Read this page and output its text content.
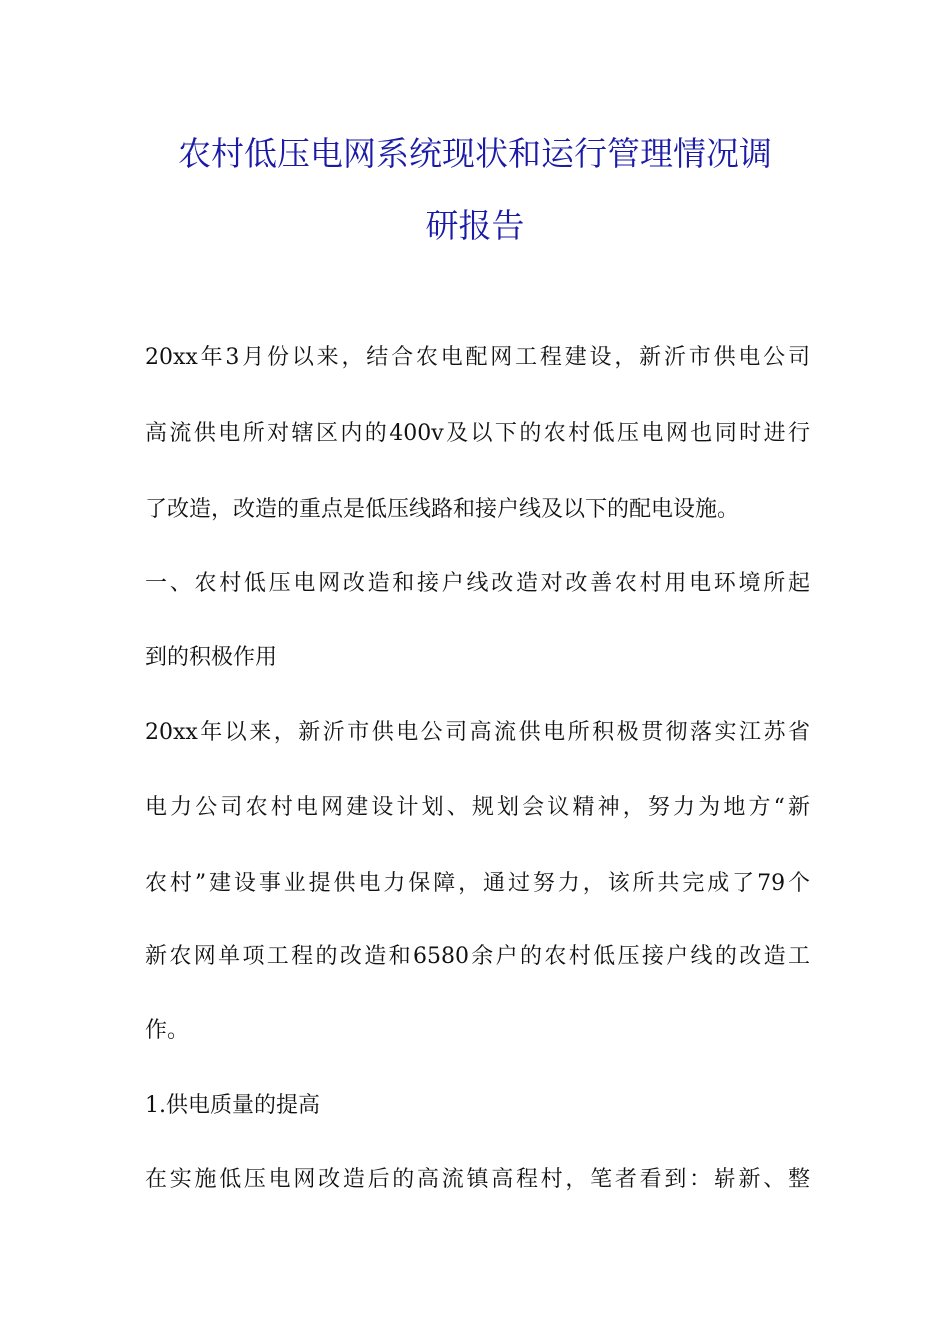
农村低压电网系统现状和运行管理情况调
研报告

20xx年3月份以来，结合农电配网工程建设，新沂市供电公司

高流供电所对辖区内的400v及以下的农村低压电网也同时进行

了改造，改造的重点是低压线路和接户线及以下的配电设施。

一、农村低压电网改造和接户线改造对改善农村用电环境所起

到的积极作用

20xx年以来，新沂市供电公司高流供电所积极贯彻落实江苏省

电力公司农村电网建设计划、规划会议精神，努力为地方“新

农村”建设事业提供电力保障，通过努力，该所共完成了79个

新农网单项工程的改造和6580余户的农村低压接户线的改造工

作。

1.供电质量的提高

在实施低压电网改造后的高流镇高程村，笔者看到：崭新、整
